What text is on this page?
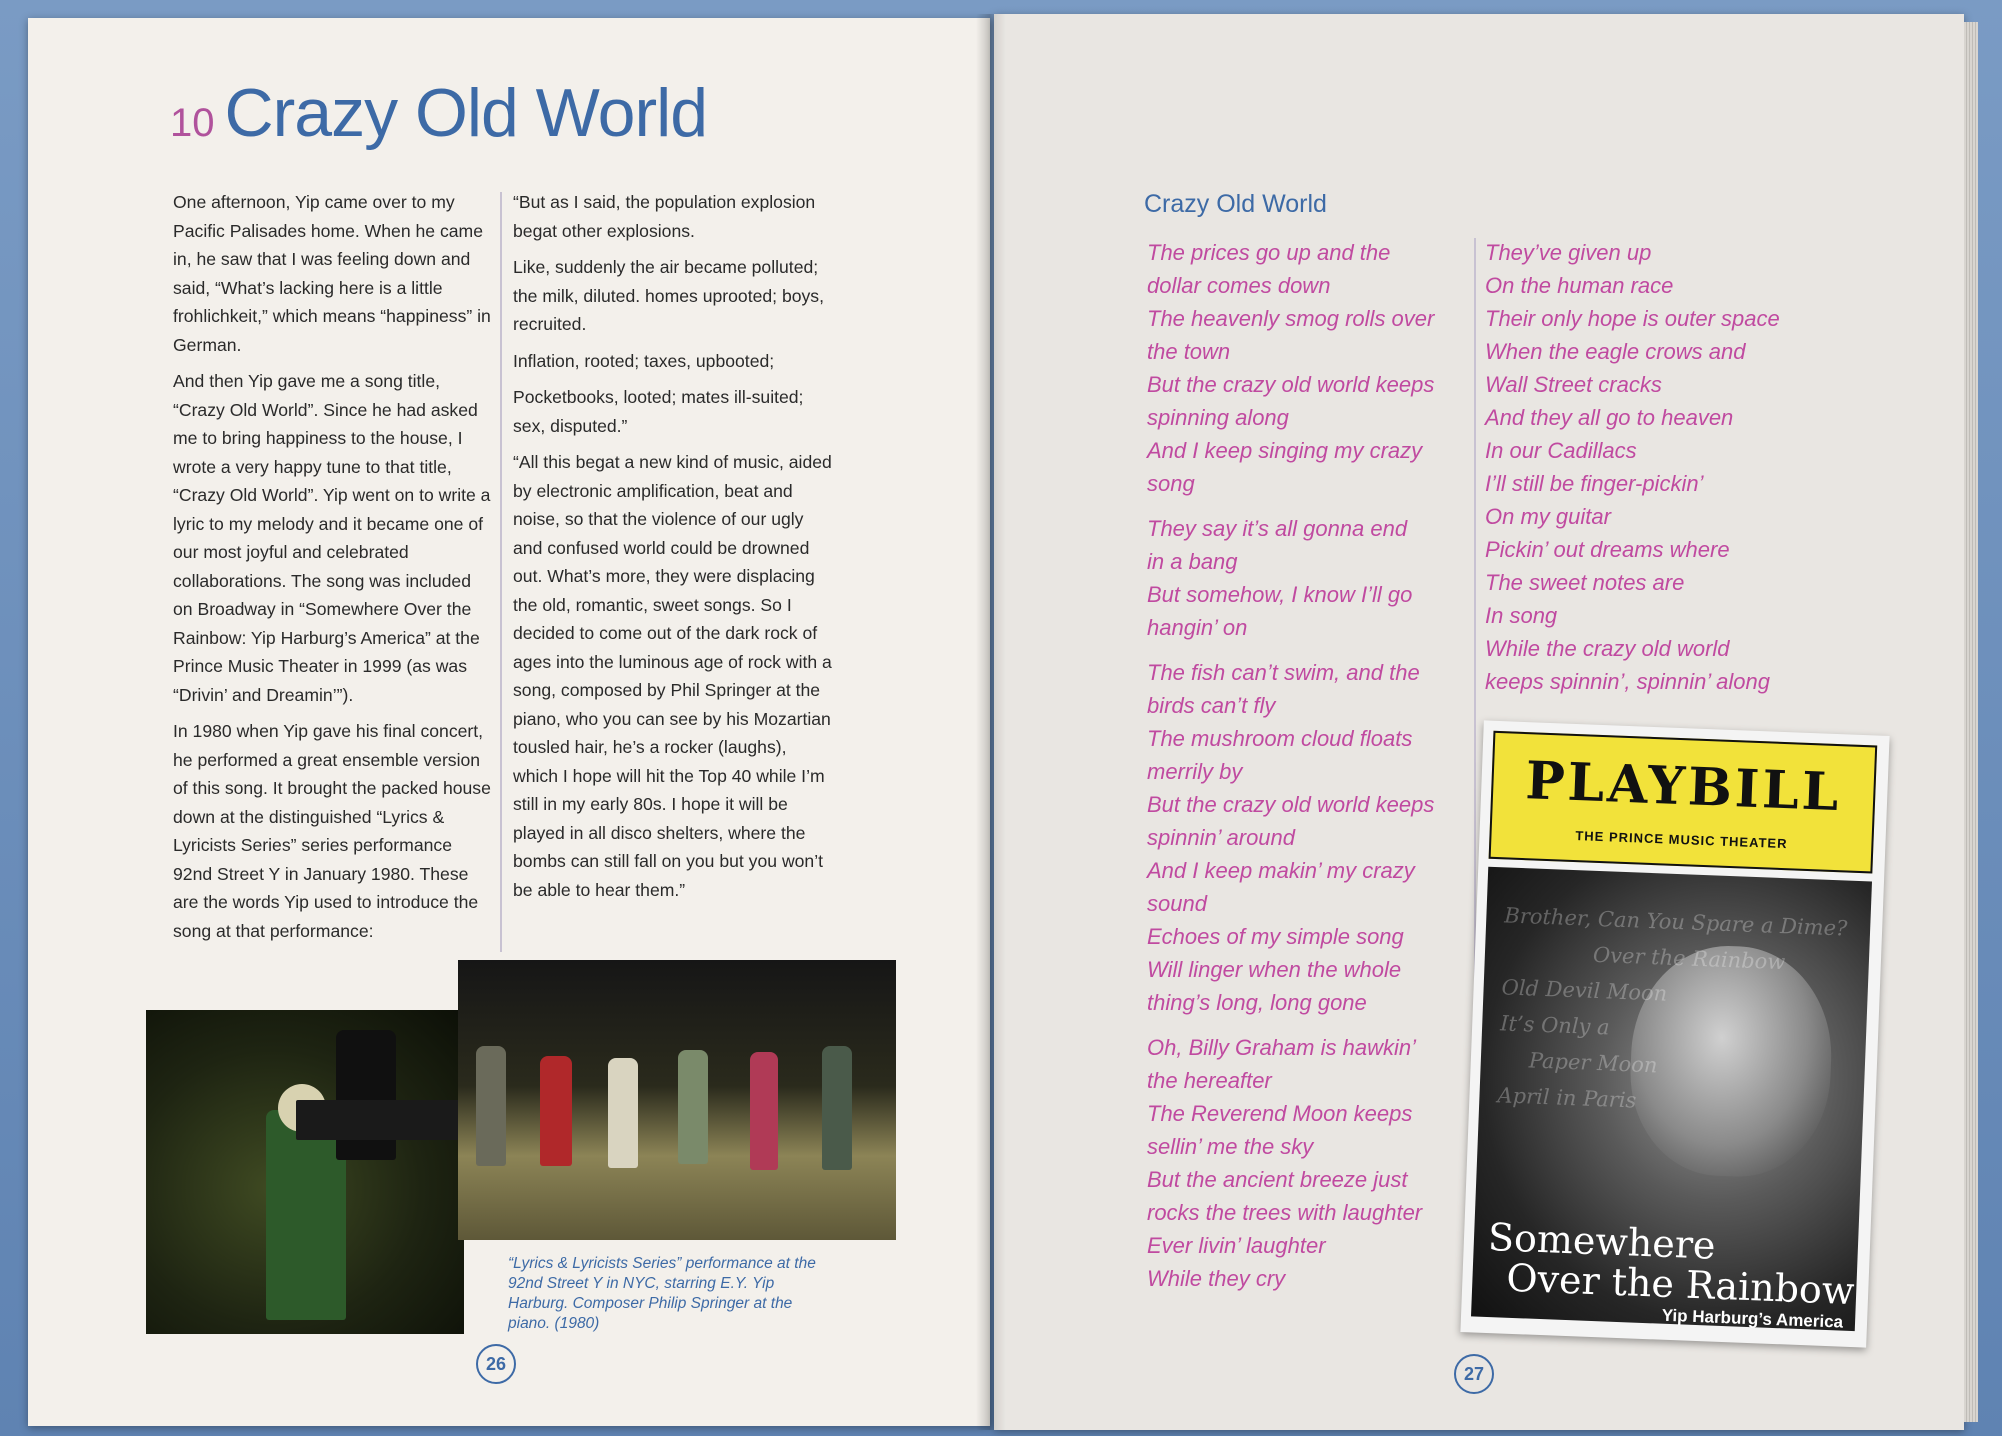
10 Crazy Old World

One afternoon, Yip came over to my Pacific Palisades home. When he came in, he saw that I was feeling down and said, “What’s lacking here is a little frohlichkeit,” which means “happiness” in German.

And then Yip gave me a song title, “Crazy Old World”. Since he had asked me to bring happiness to the house, I wrote a very happy tune to that title, “Crazy Old World”. Yip went on to write a lyric to my melody and it became one of our most joyful and celebrated collaborations. The song was included on Broadway in “Somewhere Over the Rainbow: Yip Harburg’s America” at the Prince Music Theater in 1999 (as was “Drivin’ and Dreamin’”).

In 1980 when Yip gave his final concert, he performed a great ensemble version of this song. It brought the packed house down at the distinguished “Lyrics & Lyricists Series” series performance 92nd Street Y in January 1980. These are the words Yip used to introduce the song at that performance:

“But as I said, the population explosion begat other explosions.

Like, suddenly the air became polluted; the milk, diluted. homes uprooted; boys, recruited.

Inflation, rooted; taxes, upbooted;

Pocketbooks, looted; mates ill-suited; sex, disputed.”

“All this begat a new kind of music, aided by electronic amplification, beat and noise, so that the violence of our ugly and confused world could be drowned out. What’s more, they were displacing the old, romantic, sweet songs. So I decided to come out of the dark rock of ages into the luminous age of rock with a song, composed by Phil Springer at the piano, who you can see by his Mozartian tousled hair, he’s a rocker (laughs), which I hope will hit the Top 40 while I’m still in my early 80s. I hope it will be played in all disco shelters, where the bombs can still fall on you but you won’t be able to hear them.”

“Lyrics & Lyricists Series” performance at the 92nd Street Y in NYC, starring E.Y. Yip Harburg. Composer Philip Springer at the piano. (1980)
26
Crazy Old World
The prices go up and the
dollar comes down
The heavenly smog rolls over
the town
But the crazy old world keeps
spinning along
And I keep singing my crazy
song
They say it’s all gonna end
in a bang
But somehow, I know I’ll go
hangin’ on
The fish can’t swim, and the
birds can’t fly
The mushroom cloud floats
merrily by
But the crazy old world keeps
spinnin’ around
And I keep makin’ my crazy
sound
Echoes of my simple song
Will linger when the whole
thing’s long, long gone
Oh, Billy Graham is hawkin’
the hereafter
The Reverend Moon keeps
sellin’ me the sky
But the ancient breeze just
rocks the trees with laughter
Ever livin’ laughter
While they cry
They’ve given up
On the human race
Their only hope is outer space
When the eagle crows and
Wall Street cracks
And they all go to heaven
In our Cadillacs
I’ll still be finger-pickin’
On my guitar
Pickin’ out dreams where
The sweet notes are
In song
While the crazy old world
keeps spinnin’, spinnin’ along
PLAYBILL
THE PRINCE MUSIC THEATER
Brother, Can You Spare a Dime?
Over the Rainbow
Old Devil Moon
It’s Only a
Paper Moon
April in Paris
Somewhere
Over the Rainbow
Yip Harburg’s America
27
